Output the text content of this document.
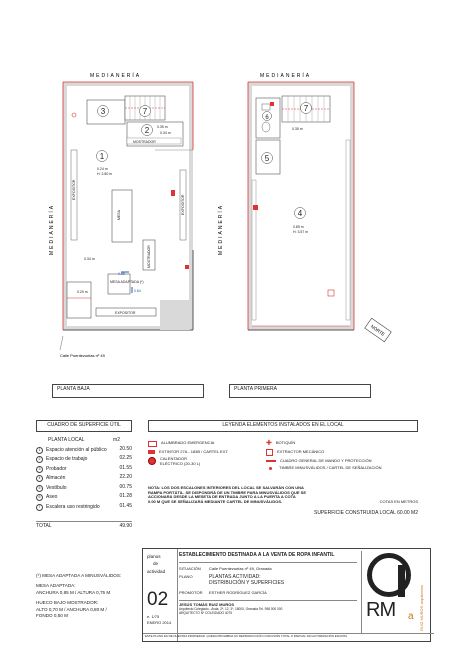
MEDIANERÍA	MEDIANERÍA
MEDIANERÍA	MEDIANERÍA
3	7
2
1
0.24 m
H: 2.80 m
0.34 m
0.35 m
0.34 m
0.20 m
MOSTRADOR
MESA
EXPOSITOR
EXPOSITOR
MOSTRADOR
MESA ADAPTADA (*)
EXPOSITOR
0.85
0.84
Calle Puentezuelas nº 49
5
6
7
4
0.85 m
H: 3.57 m
0.35 m
NORTE
PLANTA BAJA	PLANTA PRIMERA
CUADRO DE SUPERFICIE ÚTIL
PLANTA LOCAL	m2
1 Espacio atención al público	20.50
2 Espacio de trabajo	02.25
3 Probador	01.55
4 Almacén	22.20
5 Vestíbulo	00.75
6 Aseo	01.28
7 Escalera uso restringido	01.45
TOTAL	49.90
LEYENDA ELEMENTOS INSTALADOS EN EL LOCAL
ALUMBRADO EMERGENCIA
EXTINTOR 27A - 183B / CARTEL EXT.
CALENTADOR
ELÉCTRICO (20-30 L)
✚ BOTIQUÍN
EXTRACTOR MECÁNICO
CUADRO GENERAL DE MANDO Y PROTECCIÓN
TIMBRE MINUSVÁLIDOS / CARTEL DE SEÑALIZACIÓN
NOTA: LOS DOS ESCALONES INTERIORES DEL LOCAL SE SALVARÁN CON UNA
RAMPA PORTÁTIL. SE DISPONDRÁ DE UN TIMBRE PARA MINUSVÁLIDOS QUE SE
ACCIONARÁ DESDE LA MESETA DE ENTRADA JUNTO A LA PUERTA A COTA
0.00 M QUE SE SEÑALIZARÁ MEDIANTE CARTEL DE MINUSVÁLIDOS.	COTAS EN METROS
SUPERFICIE CONSTRUIDA LOCAL 60.00 M2
(*) MESA ADAPTADA A MINUSVÁLIDOS:
MESA ADAPTADA:
ANCHURA 0,85 M / ALTURA 0,75 M
HUECO BAJO MOSTRADOR:
ALTO 0,70 M / ANCHURA 0,80 M /
FONDO 0,50 M
planos
de
actividad
02
e. 1/75
ENERO 2014
ESTABLECIMIENTO DESTINADA A LA VENTA DE ROPA INFANTIL
SITUACIÓN	Calle Puentezuelas nº 49, Granada
PLANO	PLANTAS ACTIVIDAD:
DISTRIBUCIÓN Y SUPERFICIES
PROMOTOR	ESTHER RODRÍGUEZ GARCÍA
JESÚS TOMÁS RUIZ MUROS
Arquitecto Colegiado - Avda. 2ª, 12, 3º, 18000, Granada Tel. 958 000 000
ARQUITECTO Nº COLEGIADO 4075	RM a RUIZ MUROS arquitectos
ESTE PLANO ES DE NUESTRA PROPIEDAD. QUEDA PROHIBIDA SU REPRODUCCIÓN O DIFUSIÓN TOTAL O PARCIAL SIN AUTORIZACIÓN ESCRITA
